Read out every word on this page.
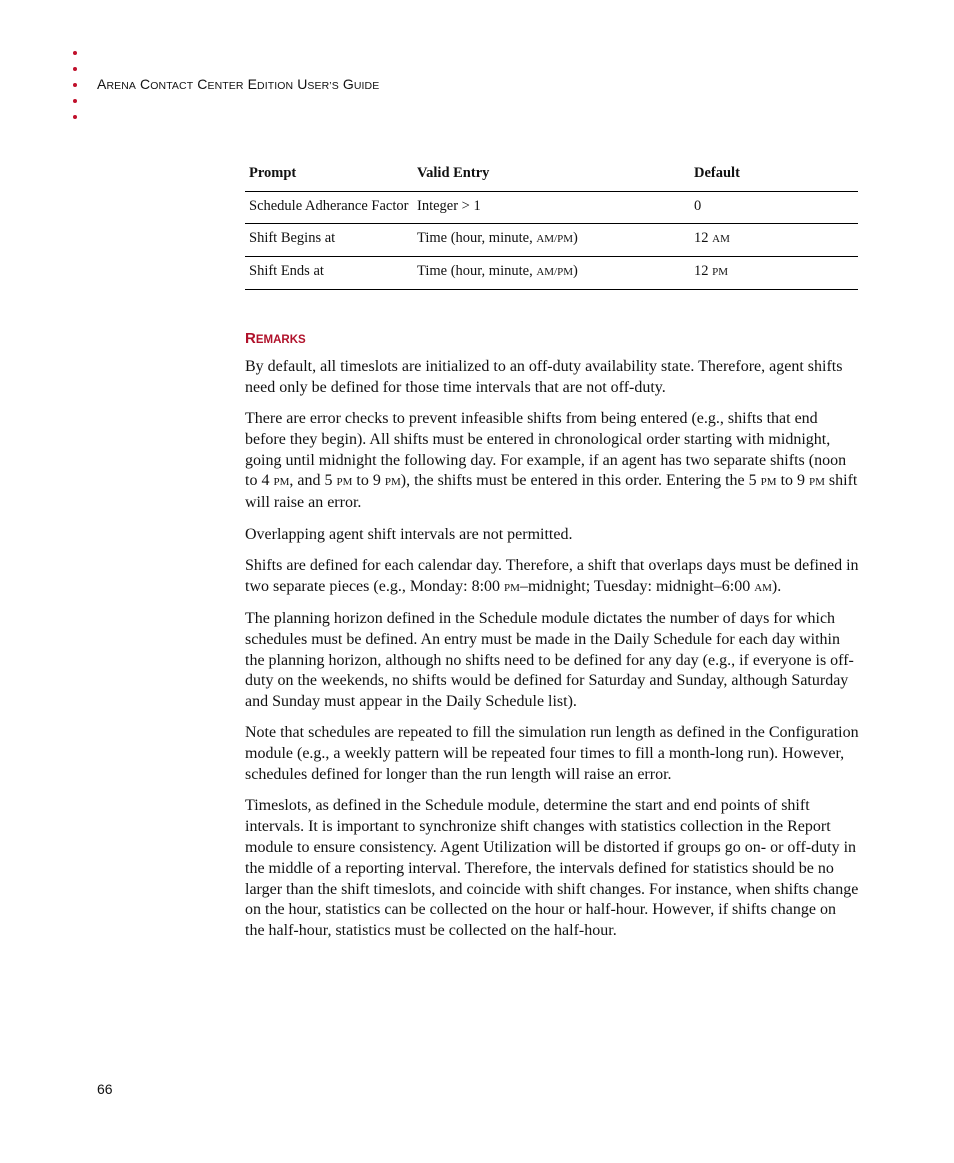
ARENA CONTACT CENTER EDITION USER’S GUIDE
Prompt	Valid Entry	Default
Schedule Adherance Factor	Integer > 1	0
Shift Begins at	Time (hour, minute, AM/PM)	12 AM
Shift Ends at	Time (hour, minute, AM/PM)	12 PM
REMARKS

By default, all timeslots are initialized to an off-duty availability state. Therefore, agent shifts need only be defined for those time intervals that are not off-duty.

There are error checks to prevent infeasible shifts from being entered (e.g., shifts that end before they begin). All shifts must be entered in chronological order starting with midnight, going until midnight the following day. For example, if an agent has two separate shifts (noon to 4 PM, and 5 PM to 9 PM), the shifts must be entered in this order. Entering the 5 PM to 9 PM shift will raise an error.

Overlapping agent shift intervals are not permitted.

Shifts are defined for each calendar day. Therefore, a shift that overlaps days must be defined in two separate pieces (e.g., Monday: 8:00 PM–midnight; Tuesday: midnight–6:00 AM).

The planning horizon defined in the Schedule module dictates the number of days for which schedules must be defined. An entry must be made in the Daily Schedule for each day within the planning horizon, although no shifts need to be defined for any day (e.g., if everyone is off-duty on the weekends, no shifts would be defined for Saturday and Sunday, although Saturday and Sunday must appear in the Daily Schedule list).

Note that schedules are repeated to fill the simulation run length as defined in the Configuration module (e.g., a weekly pattern will be repeated four times to fill a month-long run). However, schedules defined for longer than the run length will raise an error.

Timeslots, as defined in the Schedule module, determine the start and end points of shift intervals. It is important to synchronize shift changes with statistics collection in the Report module to ensure consistency. Agent Utilization will be distorted if groups go on- or off-duty in the middle of a reporting interval. Therefore, the intervals defined for statistics should be no larger than the shift timeslots, and coincide with shift changes. For instance, when shifts change on the hour, statistics can be collected on the hour or half-hour. However, if shifts change on the half-hour, statistics must be collected on the half-hour.

66
